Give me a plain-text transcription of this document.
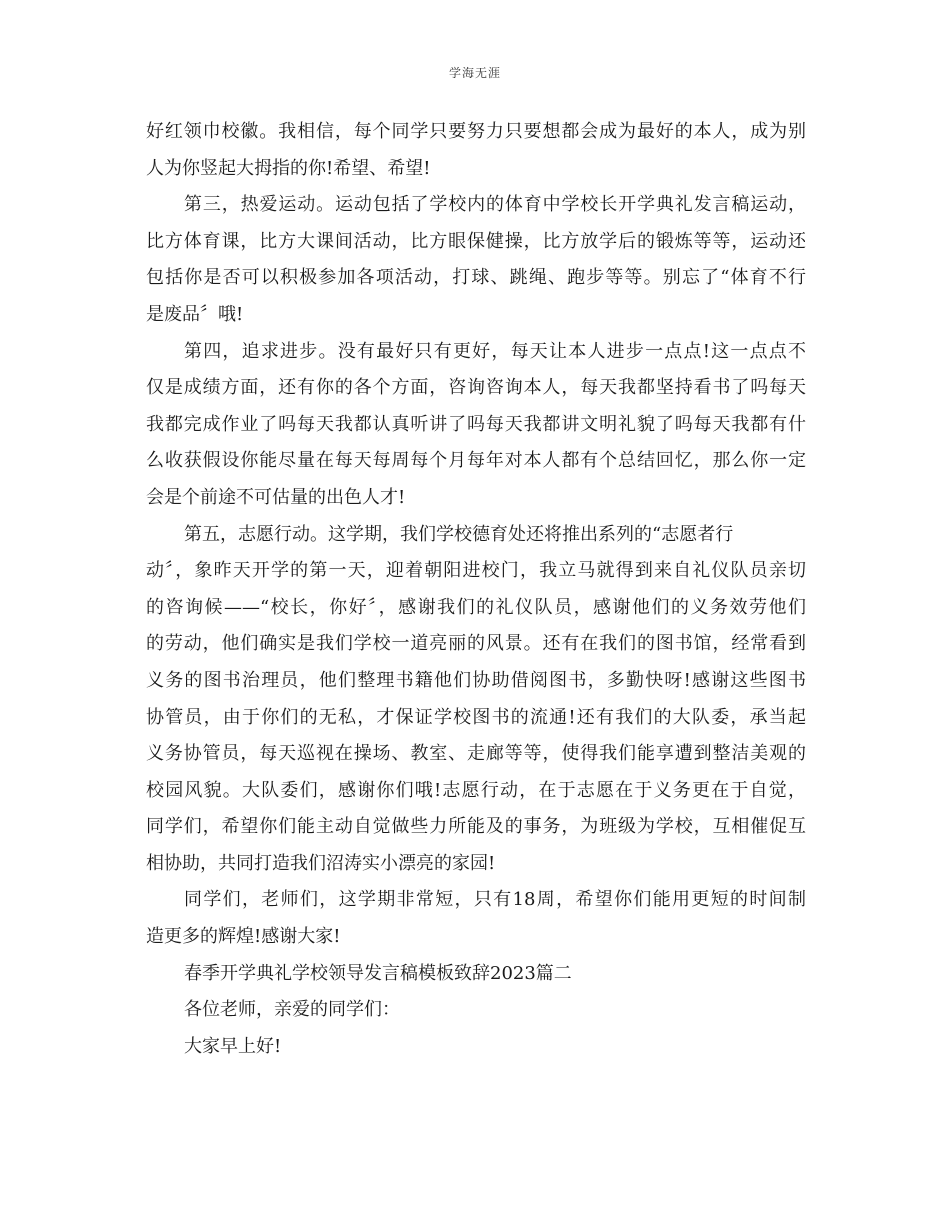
学海无涯
好红领巾校徽。我相信，每个同学只要努力只要想都会成为最好的本人，成为别
人为你竖起大拇指的你!希望、希望!
第三，热爱运动。运动包括了学校内的体育中学校长开学典礼发言稿运动，
比方体育课，比方大课间活动，比方眼保健操，比方放学后的锻炼等等，运动还
包括你是否可以积极参加各项活动，打球、跳绳、跑步等等。别忘了“体育不行
是废品〞哦!
第四，追求进步。没有最好只有更好，每天让本人进步一点点!这一点点不
仅是成绩方面，还有你的各个方面，咨询咨询本人，每天我都坚持看书了吗每天
我都完成作业了吗每天我都认真听讲了吗每天我都讲文明礼貌了吗每天我都有什
么收获假设你能尽量在每天每周每个月每年对本人都有个总结回忆，那么你一定
会是个前途不可估量的出色人才!
第五，志愿行动。这学期，我们学校德育处还将推出系列的“志愿者行
动〞，象昨天开学的第一天，迎着朝阳进校门，我立马就得到来自礼仪队员亲切
的咨询候——“校长，你好〞，感谢我们的礼仪队员，感谢他们的义务效劳他们
的劳动，他们确实是我们学校一道亮丽的风景。还有在我们的图书馆，经常看到
义务的图书治理员，他们整理书籍他们协助借阅图书，多勤快呀!感谢这些图书
协管员，由于你们的无私，才保证学校图书的流通!还有我们的大队委，承当起
义务协管员，每天巡视在操场、教室、走廊等等，使得我们能享遭到整洁美观的
校园风貌。大队委们，感谢你们哦!志愿行动，在于志愿在于义务更在于自觉，
同学们，希望你们能主动自觉做些力所能及的事务，为班级为学校，互相催促互
相协助，共同打造我们沼涛实小漂亮的家园!
同学们，老师们，这学期非常短，只有18周，希望你们能用更短的时间制
造更多的辉煌!感谢大家!
春季开学典礼学校领导发言稿模板致辞2023篇二
各位老师，亲爱的同学们：
大家早上好!
